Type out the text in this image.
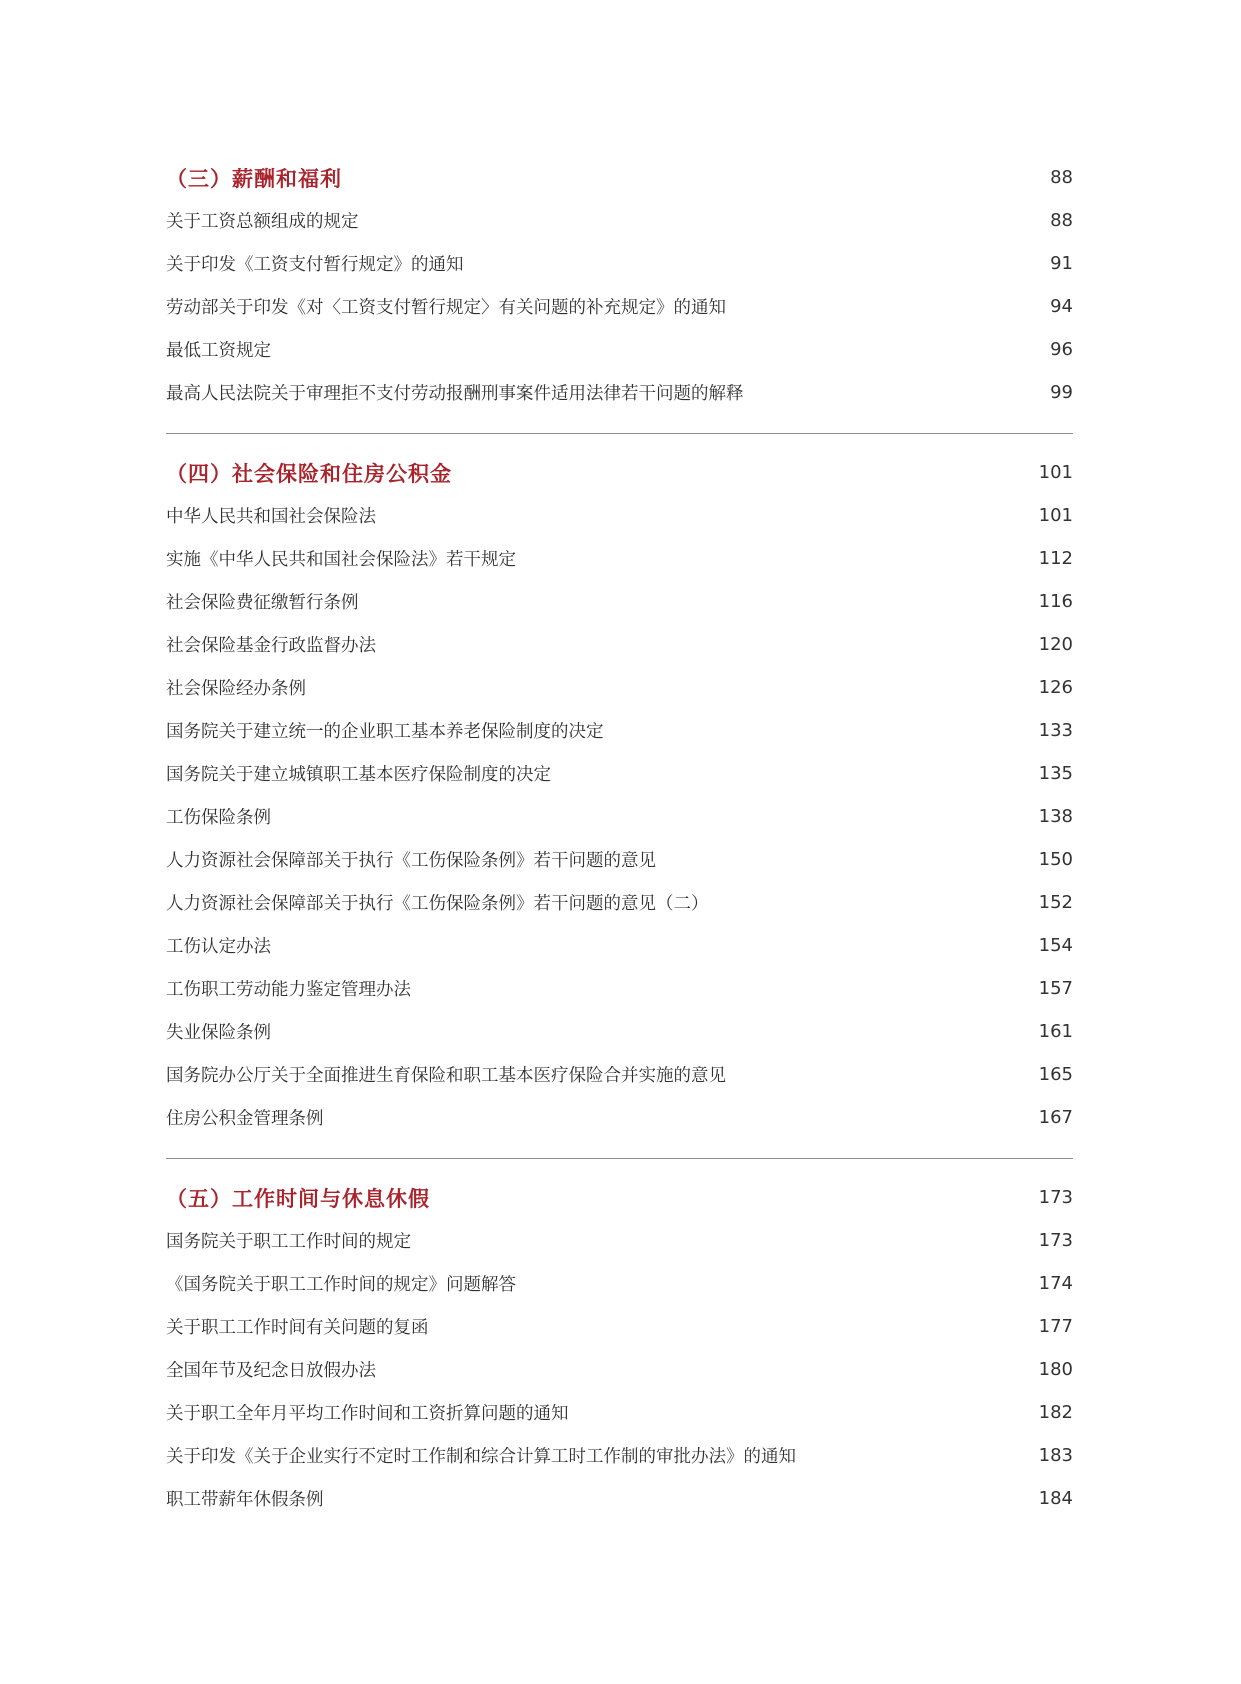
（三）薪酬和福利	88
关于工资总额组成的规定	88
关于印发《工资支付暂行规定》的通知	91
劳动部关于印发《对〈工资支付暂行规定〉有关问题的补充规定》的通知	94
最低工资规定	96
最高人民法院关于审理拒不支付劳动报酬刑事案件适用法律若干问题的解释	99
（四）社会保险和住房公积金	101
中华人民共和国社会保险法	101
实施《中华人民共和国社会保险法》若干规定	112
社会保险费征缴暂行条例	116
社会保险基金行政监督办法	120
社会保险经办条例	126
国务院关于建立统一的企业职工基本养老保险制度的决定	133
国务院关于建立城镇职工基本医疗保险制度的决定	135
工伤保险条例	138
人力资源社会保障部关于执行《工伤保险条例》若干问题的意见	150
人力资源社会保障部关于执行《工伤保险条例》若干问题的意见（二）	152
工伤认定办法	154
工伤职工劳动能力鉴定管理办法	157
失业保险条例	161
国务院办公厅关于全面推进生育保险和职工基本医疗保险合并实施的意见	165
住房公积金管理条例	167
（五）工作时间与休息休假	173
国务院关于职工工作时间的规定	173
《国务院关于职工工作时间的规定》问题解答	174
关于职工工作时间有关问题的复函	177
全国年节及纪念日放假办法	180
关于职工全年月平均工作时间和工资折算问题的通知	182
关于印发《关于企业实行不定时工作制和综合计算工时工作制的审批办法》的通知	183
职工带薪年休假条例	184
